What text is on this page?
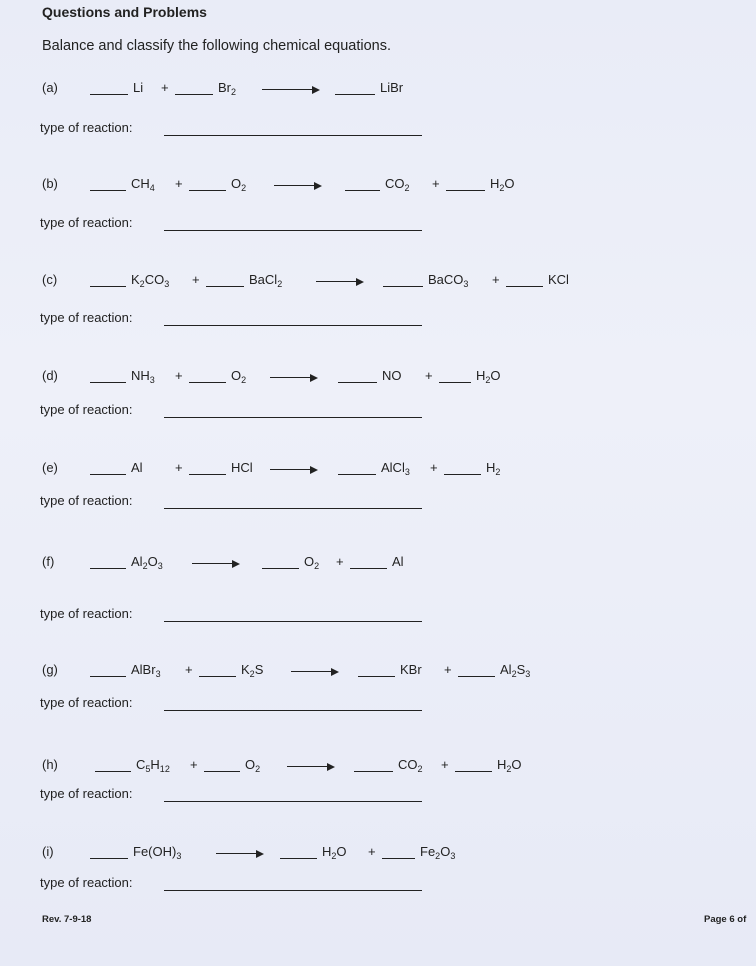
Questions and Problems
Balance and classify the following chemical equations.
(a)	Li +	$Br_2$	LiBr
type of reaction:
(b)	$CH_4$ +	$O_2$	$CO_2$ +	$H_2O$
type of reaction:
(c)	$K_2CO_3$ +	BaCl$_2$	BaCO$_3$ +	KCl
type of reaction:
(d)	$NH_3$ +	$O_2$	NO +	$H_2O$
type of reaction:
(e)	Al +	HCl →	AlCl$_3$ +	$H_2$
type of reaction:
(f)	$Al_2O_3$	$O_2$ +	Al
type of reaction:
(g)	AlBr$_3$ +	$K_2S$	KBr +	$Al_2S_3$
type of reaction:
(h)	$C_5H_{12}$ +	$O_2$	$CO_2$ +	$H_2O$
type of reaction:
(i)	$Fe(OH)_3$	$H_2O$ +	$Fe_2O_3$
type of reaction:
Rev. 7-9-18	Page 6 of
